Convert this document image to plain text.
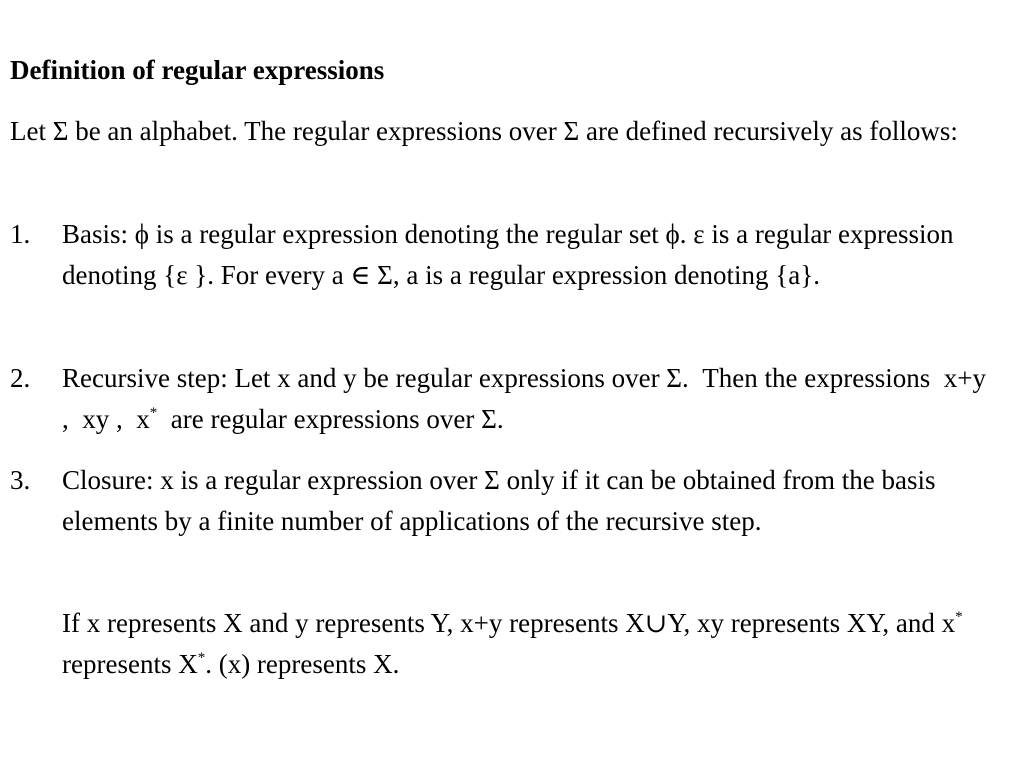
Definition of regular expressions

Let Σ be an alphabet. The regular expressions over Σ are defined recursively as follows:

1. Basis: ϕ is a regular expression denoting the regular set ϕ. ε is a regular expression denoting {ε }. For every a ∈ Σ, a is a regular expression denoting {a}.
2. Recursive step: Let x and y be regular expressions over Σ.  Then the expressions  x+y ,  xy ,  x*  are regular expressions over Σ.
3. Closure: x is a regular expression over Σ only if it can be obtained from the basis elements by a finite number of applications of the recursive step.
If x represents X and y represents Y, x+y represents X∪Y, xy represents XY, and x* represents X*. (x) represents X.
